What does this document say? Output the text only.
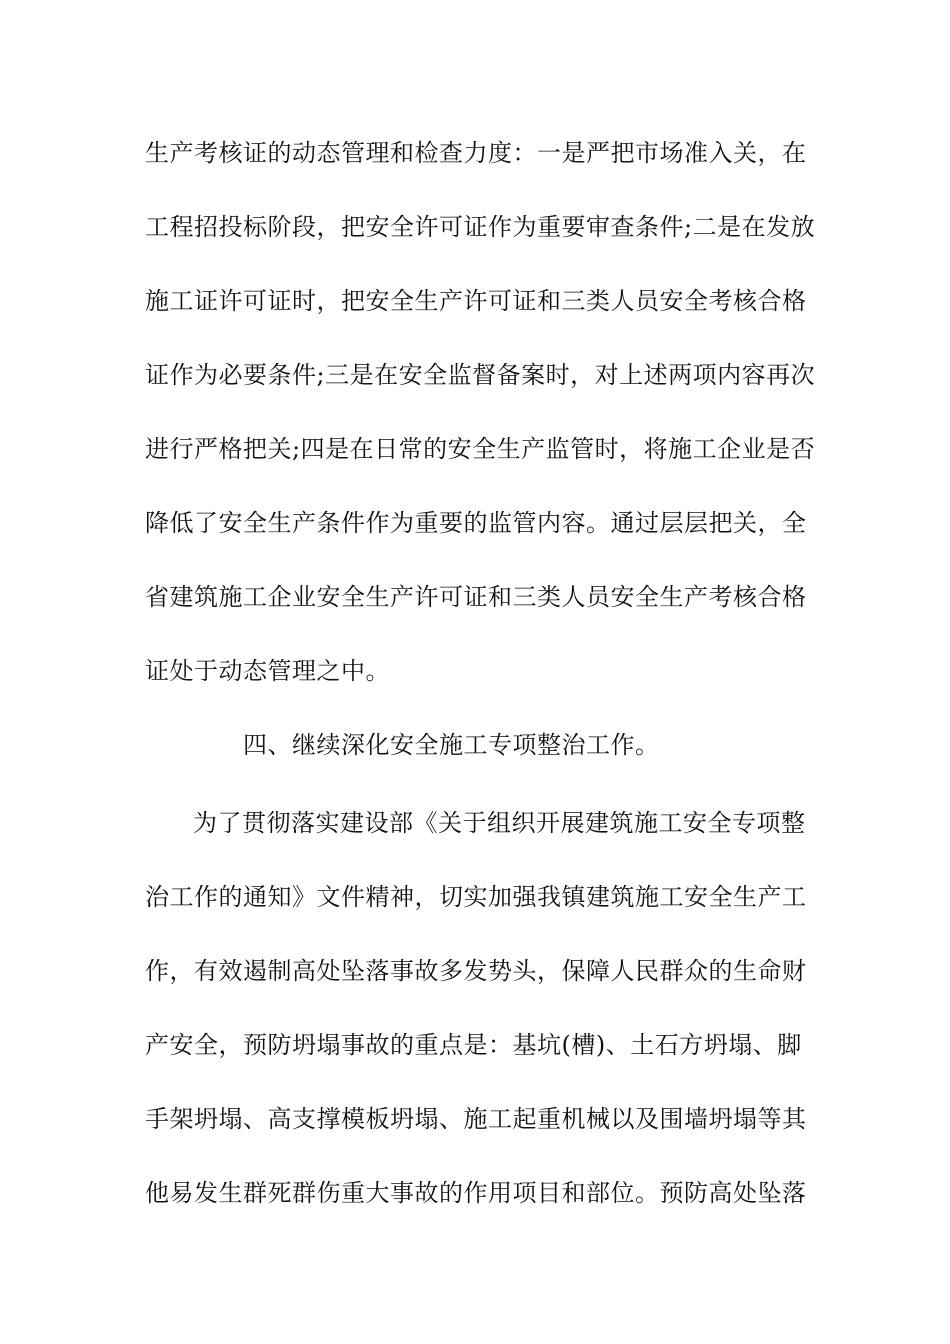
生产考核证的动态管理和检查力度：一是严把市场准入关，在
工程招投标阶段，把安全许可证作为重要审查条件;二是在发放
施工证许可证时，把安全生产许可证和三类人员安全考核合格
证作为必要条件;三是在安全监督备案时，对上述两项内容再次
进行严格把关;四是在日常的安全生产监管时，将施工企业是否
降低了安全生产条件作为重要的监管内容。通过层层把关，全
省建筑施工企业安全生产许可证和三类人员安全生产考核合格
证处于动态管理之中。
四、继续深化安全施工专项整治工作。
为了贯彻落实建设部《关于组织开展建筑施工安全专项整
治工作的通知》文件精神，切实加强我镇建筑施工安全生产工
作，有效遏制高处坠落事故多发势头，保障人民群众的生命财
产安全，预防坍塌事故的重点是：基坑(槽)、土石方坍塌、脚
手架坍塌、高支撑模板坍塌、施工起重机械以及围墙坍塌等其
他易发生群死群伤重大事故的作用项目和部位。预防高处坠落
